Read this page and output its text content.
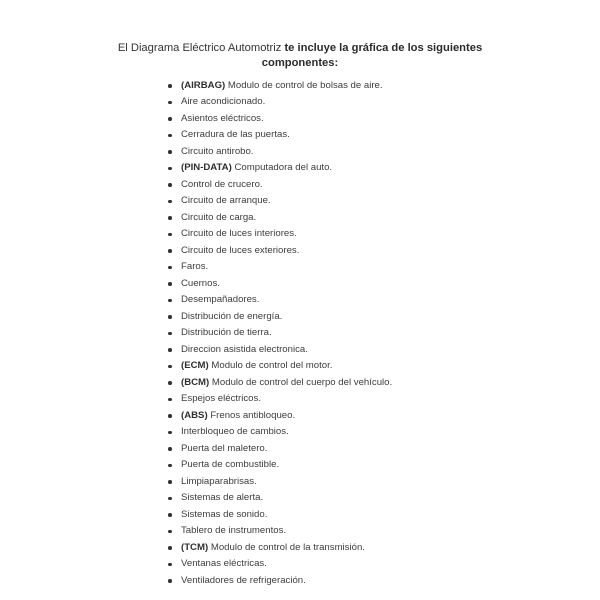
El Diagrama Eléctrico Automotriz te incluye la gráfica de los siguientes
componentes:
(AIRBAG) Modulo de control de bolsas de aire.
Aire acondicionado.
Asientos eléctricos.
Cerradura de las puertas.
Circuito antirobo.
(PIN-DATA) Computadora del auto.
Control de crucero.
Circuito de arranque.
Circuito de carga.
Circuito de luces interiores.
Circuito de luces exteriores.
Faros.
Cuernos.
Desempañadores.
Distribución de energía.
Distribución de tierra.
Direccion asistida electronica.
(ECM) Modulo de control del motor.
(BCM) Modulo de control del cuerpo del vehículo.
Espejos eléctricos.
(ABS) Frenos antibloqueo.
Interbloqueo de cambios.
Puerta del maletero.
Puerta de combustible.
Limpiaparabrisas.
Sistemas de alerta.
Sistemas de sonido.
Tablero de instrumentos.
(TCM) Modulo de control de la transmisión.
Ventanas eléctricas.
Ventiladores de refrigeración.
